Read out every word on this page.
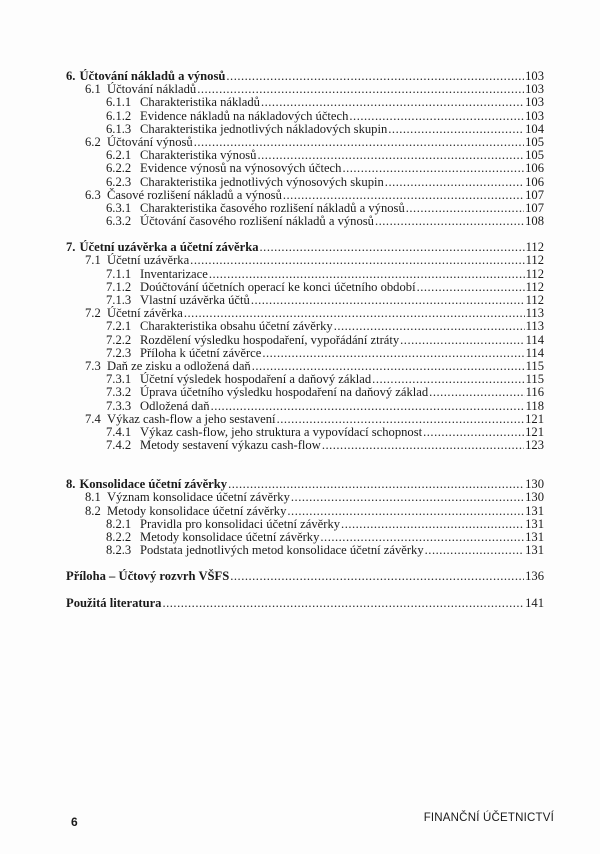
6. Účtování nákladů a výnosů .....	103
6.1 Účtování nákladů .....	103
6.1.1 Charakteristika nákladů .....	103
6.1.2 Evidence nákladů na nákladových účtech .....	103
6.1.3 Charakteristika jednotlivých nákladových skupin .....	104
6.2 Účtování výnosů .....	105
6.2.1 Charakteristika výnosů .....	105
6.2.2 Evidence výnosů na výnosových účtech .....	106
6.2.3 Charakteristika jednotlivých výnosových skupin .....	106
6.3 Časové rozlišení nákladů a výnosů .....	107
6.3.1 Charakteristika časového rozlišení nákladů a výnosů .....	107
6.3.2 Účtování časového rozlišení nákladů a výnosů .....	108
7. Účetní uzávěrka a účetní závěrka .....	112
7.1 Účetní uzávěrka .....	112
7.1.1 Inventarizace .....	112
7.1.2 Doúčtování účetních operací ke konci účetního období .....	112
7.1.3 Vlastní uzávěrka účtů .....	112
7.2 Účetní závěrka .....	113
7.2.1 Charakteristika obsahu účetní závěrky .....	113
7.2.2 Rozdělení výsledku hospodaření, vypořádání ztráty .....	114
7.2.3 Příloha k účetní závěrce .....	114
7.3 Daň ze zisku a odložená daň .....	115
7.3.1 Účetní výsledek hospodaření a daňový základ .....	115
7.3.2 Úprava účetního výsledku hospodaření na daňový základ .....	116
7.3.3 Odložená daň .....	118
7.4 Výkaz cash-flow a jeho sestavení .....	121
7.4.1 Výkaz cash-flow, jeho struktura a vypovídací schopnost .....	121
7.4.2 Metody sestavení výkazu cash-flow .....	123
8. Konsolidace účetní závěrky .....	130
8.1 Význam konsolidace účetní závěrky .....	130
8.2 Metody konsolidace účetní závěrky .....	131
8.2.1 Pravidla pro konsolidaci účetní závěrky .....	131
8.2.2 Metody konsolidace účetní závěrky .....	131
8.2.3 Podstata jednotlivých metod konsolidace účetní závěrky .....	131
Příloha – Účtový rozvrh VŠFS .....	136
Použitá literatura .....	141
6	FINANČNÍ ÚČETNICTVÍ
